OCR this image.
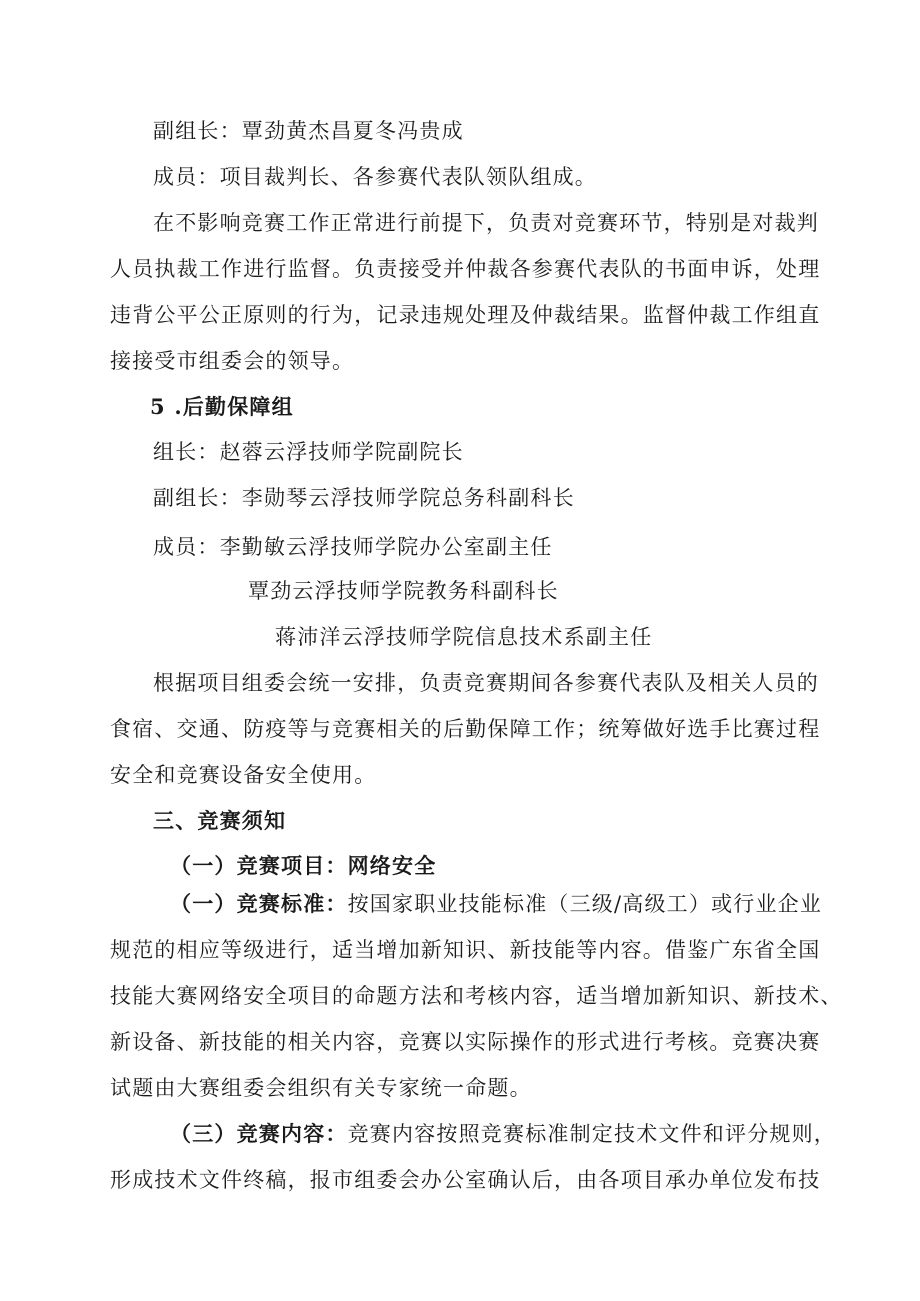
副组长：覃劲黄杰昌夏冬冯贵成
成员：项目裁判长、各参赛代表队领队组成。
在不影响竞赛工作正常进行前提下，负责对竞赛环节，特别是对裁判
人员执裁工作进行监督。负责接受并仲裁各参赛代表队的书面申诉，处理
违背公平公正原则的行为，记录违规处理及仲裁结果。监督仲裁工作组直
接接受市组委会的领导。
5 .后勤保障组
组长：赵蓉云浮技师学院副院长
副组长：李勋琴云浮技师学院总务科副科长
成员：李勤敏云浮技师学院办公室副主任
覃劲云浮技师学院教务科副科长
蒋沛洋云浮技师学院信息技术系副主任
根据项目组委会统一安排，负责竞赛期间各参赛代表队及相关人员的
食宿、交通、防疫等与竞赛相关的后勤保障工作；统筹做好选手比赛过程
安全和竞赛设备安全使用。
三、竞赛须知
（一）竞赛项目：网络安全
（一）竞赛标准：按国家职业技能标准（三级/高级工）或行业企业
规范的相应等级进行，适当增加新知识、新技能等内容。借鉴广东省全国
技能大赛网络安全项目的命题方法和考核内容，适当增加新知识、新技术、
新设备、新技能的相关内容，竞赛以实际操作的形式进行考核。竞赛决赛
试题由大赛组委会组织有关专家统一命题。
（三）竞赛内容：竞赛内容按照竞赛标准制定技术文件和评分规则，
形成技术文件终稿，报市组委会办公室确认后，由各项目承办单位发布技
